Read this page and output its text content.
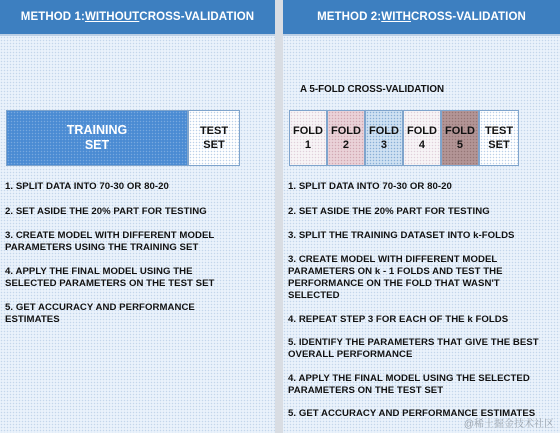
METHOD 1: WITHOUT CROSS-VALIDATION
TRAINING
SET
TEST
SET
1. SPLIT DATA INTO 70-30 OR 80-20
2. SET ASIDE THE 20% PART FOR TESTING
3. CREATE MODEL WITH DIFFERENT MODEL
PARAMETERS USING THE TRAINING SET
4. APPLY THE FINAL MODEL USING THE
SELECTED PARAMETERS ON THE TEST SET
5. GET ACCURACY AND PERFORMANCE
ESTIMATES
METHOD 2: WITH CROSS-VALIDATION
A 5-FOLD CROSS-VALIDATION
FOLD
1
FOLD
2
FOLD
3
FOLD
4
FOLD
5
TEST
SET
1. SPLIT DATA INTO 70-30 OR 80-20
2. SET ASIDE THE 20% PART FOR TESTING
3. SPLIT THE TRAINING DATASET INTO k-FOLDS
3. CREATE MODEL WITH DIFFERENT MODEL
PARAMETERS ON k - 1 FOLDS AND TEST THE
PERFORMANCE ON THE FOLD THAT WASN'T
SELECTED
4. REPEAT STEP 3 FOR EACH OF THE k FOLDS
5. IDENTIFY THE PARAMETERS THAT GIVE THE BEST
OVERALL PERFORMANCE
4. APPLY THE FINAL MODEL USING THE SELECTED
PARAMETERS ON THE TEST SET
5. GET ACCURACY AND PERFORMANCE ESTIMATES
@稀土掘金技术社区
